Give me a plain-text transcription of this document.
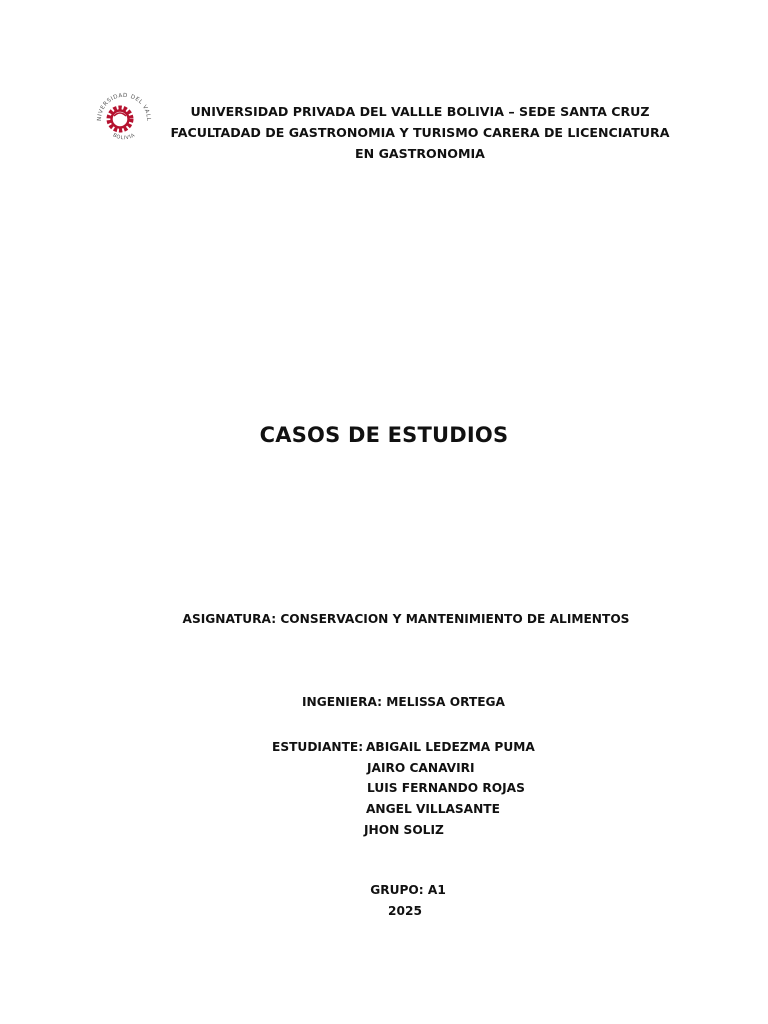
NIVERSIDAD DEL VALL
BOLIVIA
UNIVERSIDAD PRIVADA DEL VALLLE BOLIVIA – SEDE SANTA CRUZ
FACULTADAD DE GASTRONOMIA Y TURISMO CARERA DE LICENCIATURA
EN GASTRONOMIA
CASOS DE ESTUDIOS
ASIGNATURA: CONSERVACION Y MANTENIMIENTO DE ALIMENTOS
INGENIERA: MELISSA ORTEGA
ESTUDIANTE: ABIGAIL LEDEZMA PUMA
JAIRO CANAVIRI
LUIS FERNANDO ROJAS
ANGEL VILLASANTE
JHON SOLIZ
GRUPO: A1
2025
